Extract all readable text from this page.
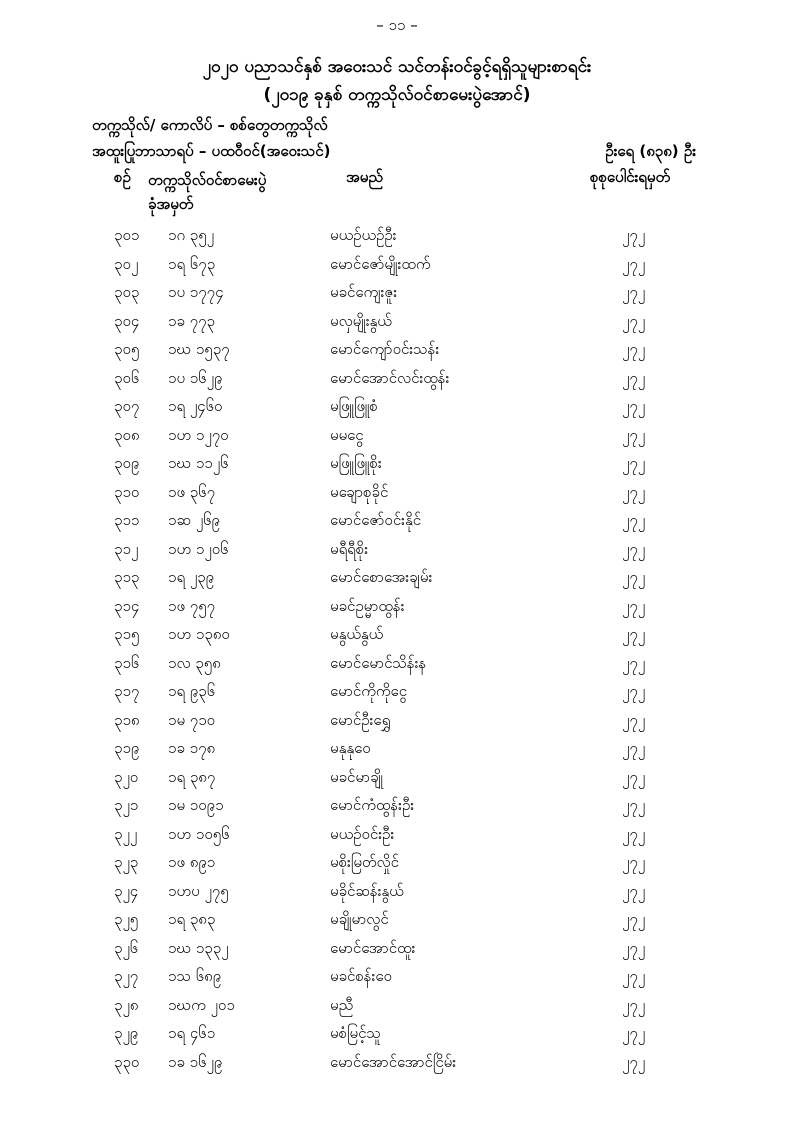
– ၁၁ –
၂၀၂၀ ပညာသင်နှစ် အဝေးသင် သင်တန်းဝင်ခွင့်ရရှိသူများစာရင်း
(၂၀၁၉ ခုနှစ် တက္ကသိုလ်ဝင်စာမေးပွဲအောင်)
တက္ကသိုလ်/ ကောလိပ် – စစ်တွေတက္ကသိုလ်
အထူးပြုဘာသာရပ် – ပထဝီဝင်(အဝေးသင်)	ဦးရေ (၈၃၈) ဦး
စဉ် တက္ကသိုလ်ဝင်စာမေးပွဲ
ခုံအမှတ်
အမည်	စုစုပေါင်းရမှတ်
၃၀၁ ၁ဂ ၃၅၂	မယဉ်ယဉ်ဦး	၂၇၂
၃၀၂ ၁ရ ၆၇၃	မောင်ဇော်မျိုးထက်	၂၇၂
၃၀၃ ၁ပ ၁၇၇၄	မခင်ကျေးဇူး	၂၇၂
၃၀၄ ၁ခ ၇၇၃	မလှမျိုးနွယ်	၂၇၂
၃၀၅ ၁ဃ ၁၅၃၇	မောင်ကျော်ဝင်းသန်း	၂၇၂
၃၀၆ ၁ပ ၁၆၂၉	မောင်အောင်လင်းထွန်း	၂၇၂
၃၀၇ ၁ရ ၂၄၆၀	မဖြူဖြူစံ	၂၇၂
၃၀၈ ၁ဟ ၁၂၇၀	မမငွေ	၂၇၂
၃၀၉ ၁ဃ ၁၁၂၆	မဖြူဖြူစိုး	၂၇၂
၃၁၀ ၁ဖ ၃၆၇	မချောစုခိုင်	၂၇၂
၃၁၁ ၁ဆ ၂၆၉	မောင်ဇော်ဝင်းနိုင်	၂၇၂
၃၁၂ ၁ဟ ၁၂၀၆	မရီရီစိုး	၂၇၂
၃၁၃ ၁ရ ၂၃၉	မောင်စောအေးချမ်း	၂၇၂
၃၁၄ ၁ဖ ၇၅၇	မခင်ဥမ္မာထွန်း	၂၇၂
၃၁၅ ၁ဟ ၁၃၈၀	မနွယ်နွယ်	၂၇၂
၃၁၆ ၁လ ၃၅၈	မောင်မောင်သိန်းန	၂၇၂
၃၁၇ ၁ရ ၉၃၆	မောင်ကိုကိုငွေ	၂၇၂
၃၁၈ ၁မ ၇၁၀	မောင်ဦးရွှေ	၂၇၂
၃၁၉ ၁ခ ၁၇၈	မနုနုဝေ	၂၇၂
၃၂၀ ၁ရ ၃၈၇	မခင်မာချို	၂၇၂
၃၂၁ ၁မ ၁၀၉၁	မောင်ကံထွန်းဦး	၂၇၂
၃၂၂ ၁ဟ ၁၀၅၆	မယဉ်ဝင်းဦး	၂၇၂
၃၂၃ ၁ဖ ၈၉၁	မစိုးမြတ်လှိုင်	၂၇၂
၃၂၄ ၁ဟပ ၂၇၅	မခိုင်ဆန်းနွယ်	၂၇၂
၃၂၅ ၁ရ ၃၈၃	မချိုမာလွင်	၂၇၂
၃၂၆ ၁ဃ ၁၃၃၂	မောင်အောင်ထူး	၂၇၂
၃၂၇ ၁သ ၆၈၉	မခင်စန်းဝေ	၂၇၂
၃၂၈ ၁ဃက ၂၀၁	မညီ	၂၇၂
၃၂၉ ၁ရ ၄၆၁	မစံမြင့်သူ	၂၇၂
၃၃၀ ၁ခ ၁၆၂၉	မောင်အောင်အောင်ငြိမ်း	၂၇၂
